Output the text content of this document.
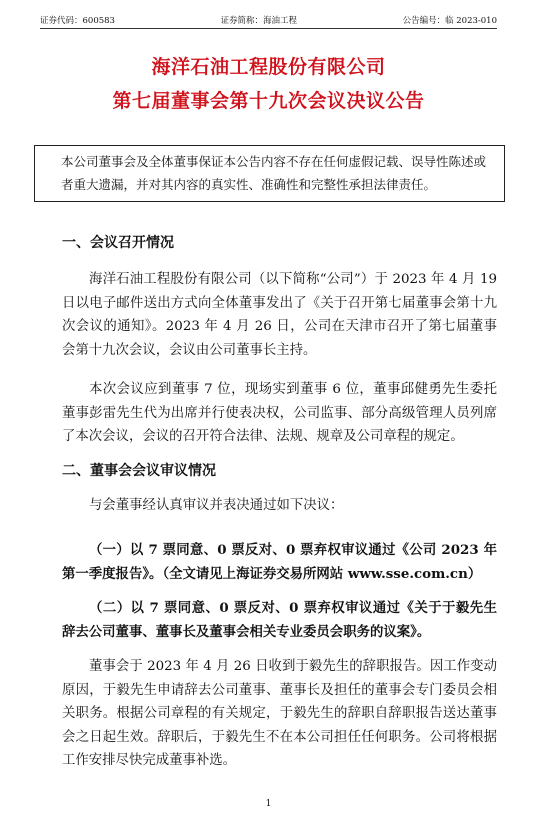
证券代码：600583	证券简称：海油工程	公告编号：临 2023-010
海洋石油工程股份有限公司
第七届董事会第十九次会议决议公告
本公司董事会及全体董事保证本公告内容不存在任何虚假记载、误导性陈述或者重大遗漏，并对其内容的真实性、准确性和完整性承担法律责任。
一、会议召开情况
海洋石油工程股份有限公司（以下简称“公司”）于 2023 年 4 月 19 日以电子邮件送出方式向全体董事发出了《关于召开第七届董事会第十九次会议的通知》。2023 年 4 月 26 日，公司在天津市召开了第七届董事会第十九次会议，会议由公司董事长主持。
本次会议应到董事 7 位，现场实到董事 6 位，董事邱健勇先生委托董事彭雷先生代为出席并行使表决权，公司监事、部分高级管理人员列席了本次会议，会议的召开符合法律、法规、规章及公司章程的规定。
二、董事会会议审议情况
与会董事经认真审议并表决通过如下决议：
（一）以 7 票同意、0 票反对、0 票弃权审议通过《公司 2023 年第一季度报告》。（全文请见上海证券交易所网站 www.sse.com.cn）
（二）以 7 票同意、0 票反对、0 票弃权审议通过《关于于毅先生辞去公司董事、董事长及董事会相关专业委员会职务的议案》。
董事会于 2023 年 4 月 26 日收到于毅先生的辞职报告。因工作变动原因，于毅先生申请辞去公司董事、董事长及担任的董事会专门委员会相关职务。根据公司章程的有关规定，于毅先生的辞职自辞职报告送达董事会之日起生效。辞职后，于毅先生不在本公司担任任何职务。公司将根据工作安排尽快完成董事补选。
1
